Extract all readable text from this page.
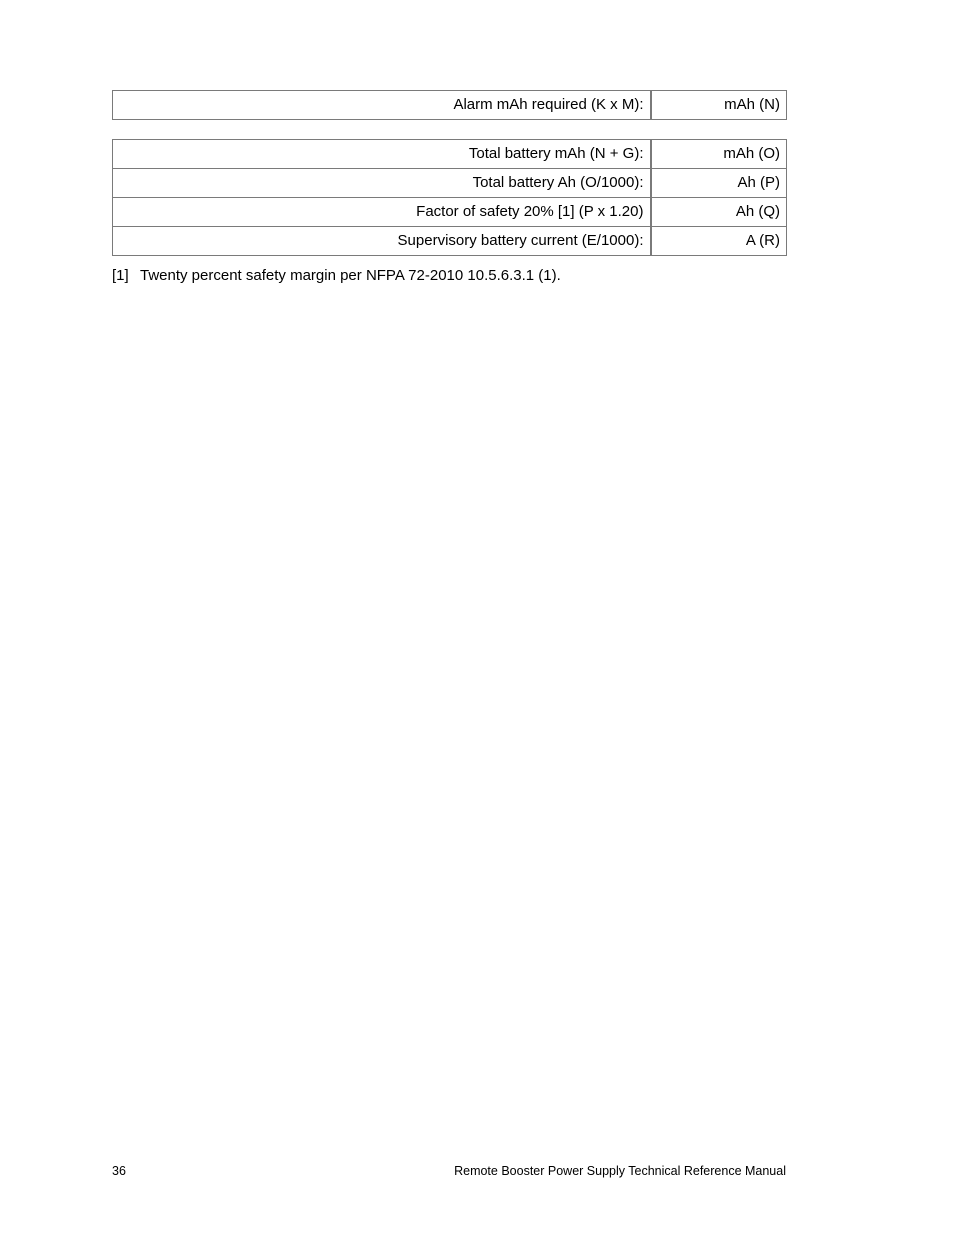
Alarm mAh required (K x M):	mAh (N)
Total battery mAh (N + G):	mAh (O)
Total battery Ah (O/1000):	Ah (P)
Factor of safety 20% [1] (P x 1.20)	Ah (Q)
Supervisory battery current (E/1000):	A (R)
[1] Twenty percent safety margin per NFPA 72-2010 10.5.6.3.1 (1).
36	Remote Booster Power Supply Technical Reference Manual
